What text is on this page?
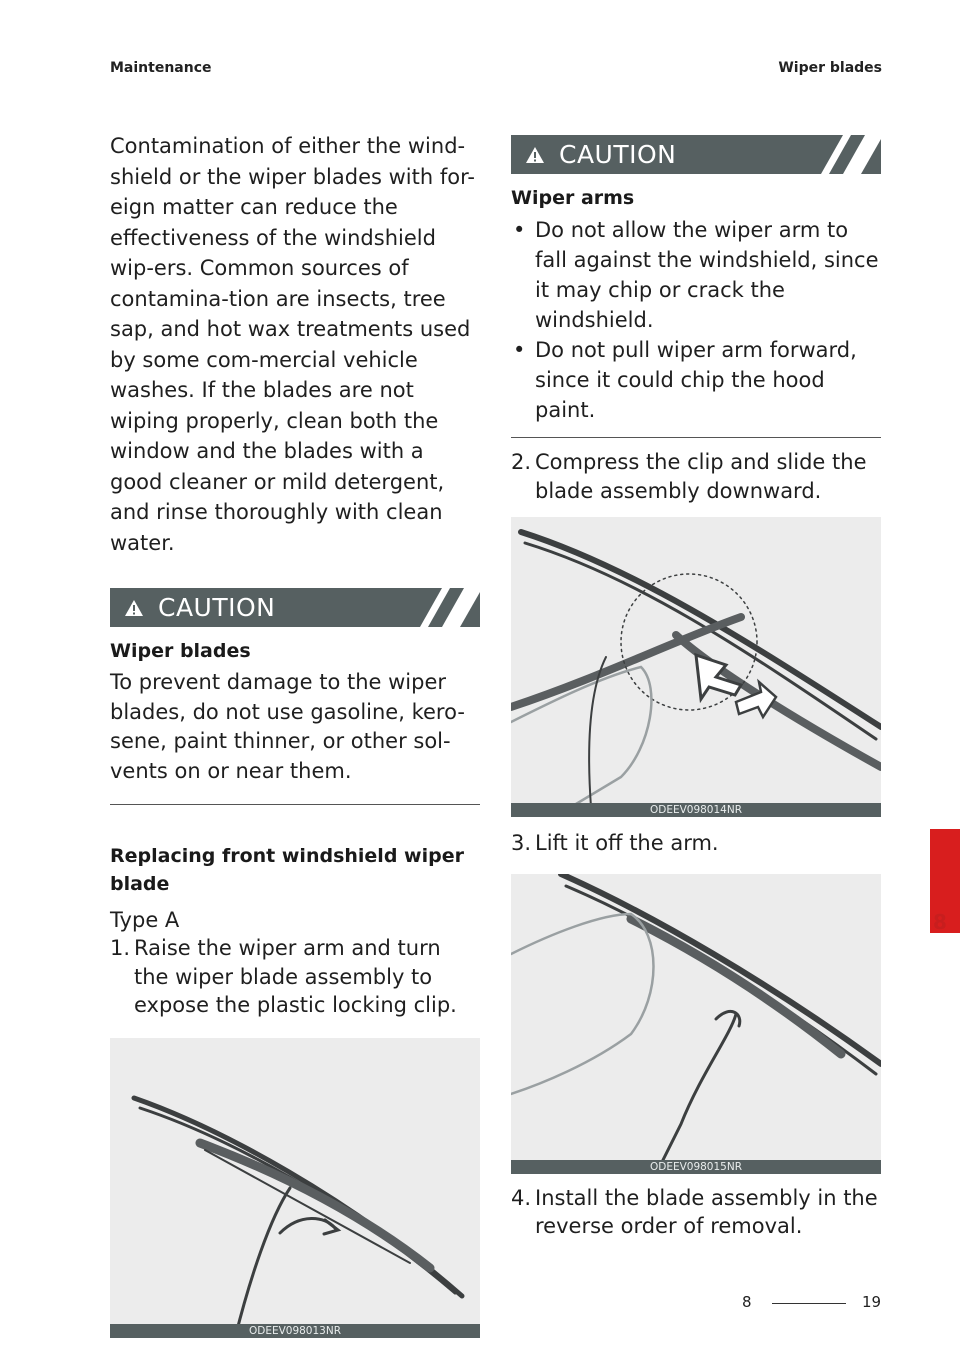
Maintenance	Wiper blades

Contamination of either the wind-shield or the wiper blades with for-eign matter can reduce the effectiveness of the windshield wip-ers. Common sources of contamina-tion are insects, tree sap, and hot wax treatments used by some com-mercial vehicle washes. If the blades are not wiping properly, clean both the window and the blades with a good cleaner or mild detergent, and rinse thoroughly with clean water.

CAUTION

Wiper blades

To prevent damage to the wiper blades, do not use gasoline, kero-sene, paint thinner, or other sol-vents on or near them.

Replacing front windshield wiper blade

Type A

1. Raise the wiper arm and turn the wiper blade assembly to expose the plastic locking clip.
ODEEV098013NR
CAUTION

Wiper arms

• Do not allow the wiper arm to fall against the windshield, since it may chip or crack the windshield.
• Do not pull wiper arm forward, since it could chip the hood paint.
2. Compress the clip and slide the blade assembly downward.
ODEEV098014NR
3. Lift it off the arm.
ODEEV098015NR
4. Install the blade assembly in the reverse order of removal.
8
8	19
